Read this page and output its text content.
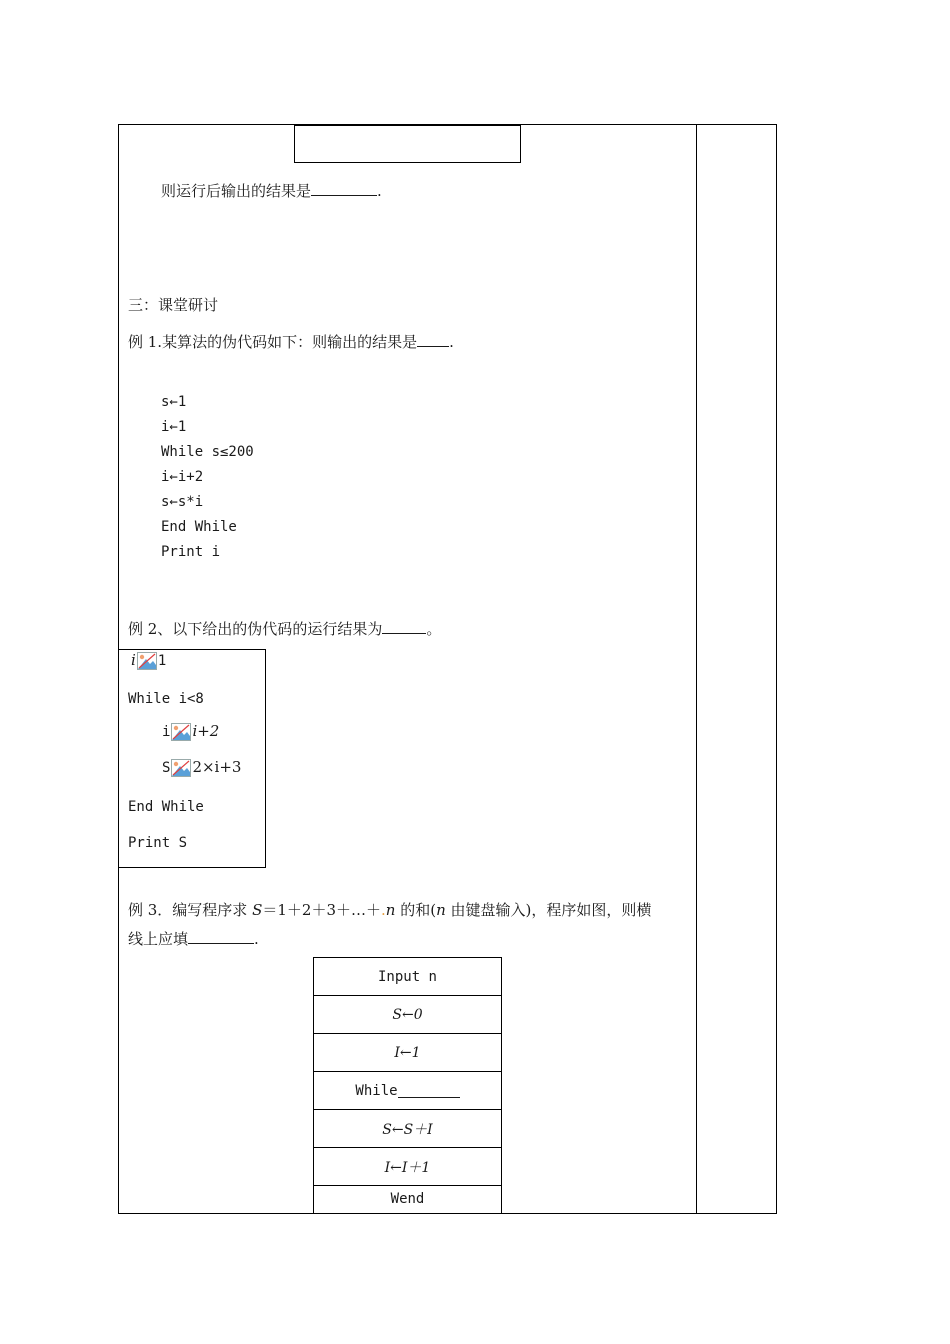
则运行后输出的结果是	.
三：课堂研讨
例 1.某算法的伪代码如下：则输出的结果是 .
s←1
i←1
While s≤200
i←i+2
s←s*i
End While
Print i
例 2、以下给出的伪代码的运行结果为	。
i 1
While i<8
i i+2
S 2×i+3
End While
Print S
例 3．编写程序求 S＝1＋2＋3＋…＋.n 的和(n 由键盘输入)，程序如图，则横
线上应填	.
Input n
S←0
I←1
While
S←S＋I
I←I＋1
Wend
